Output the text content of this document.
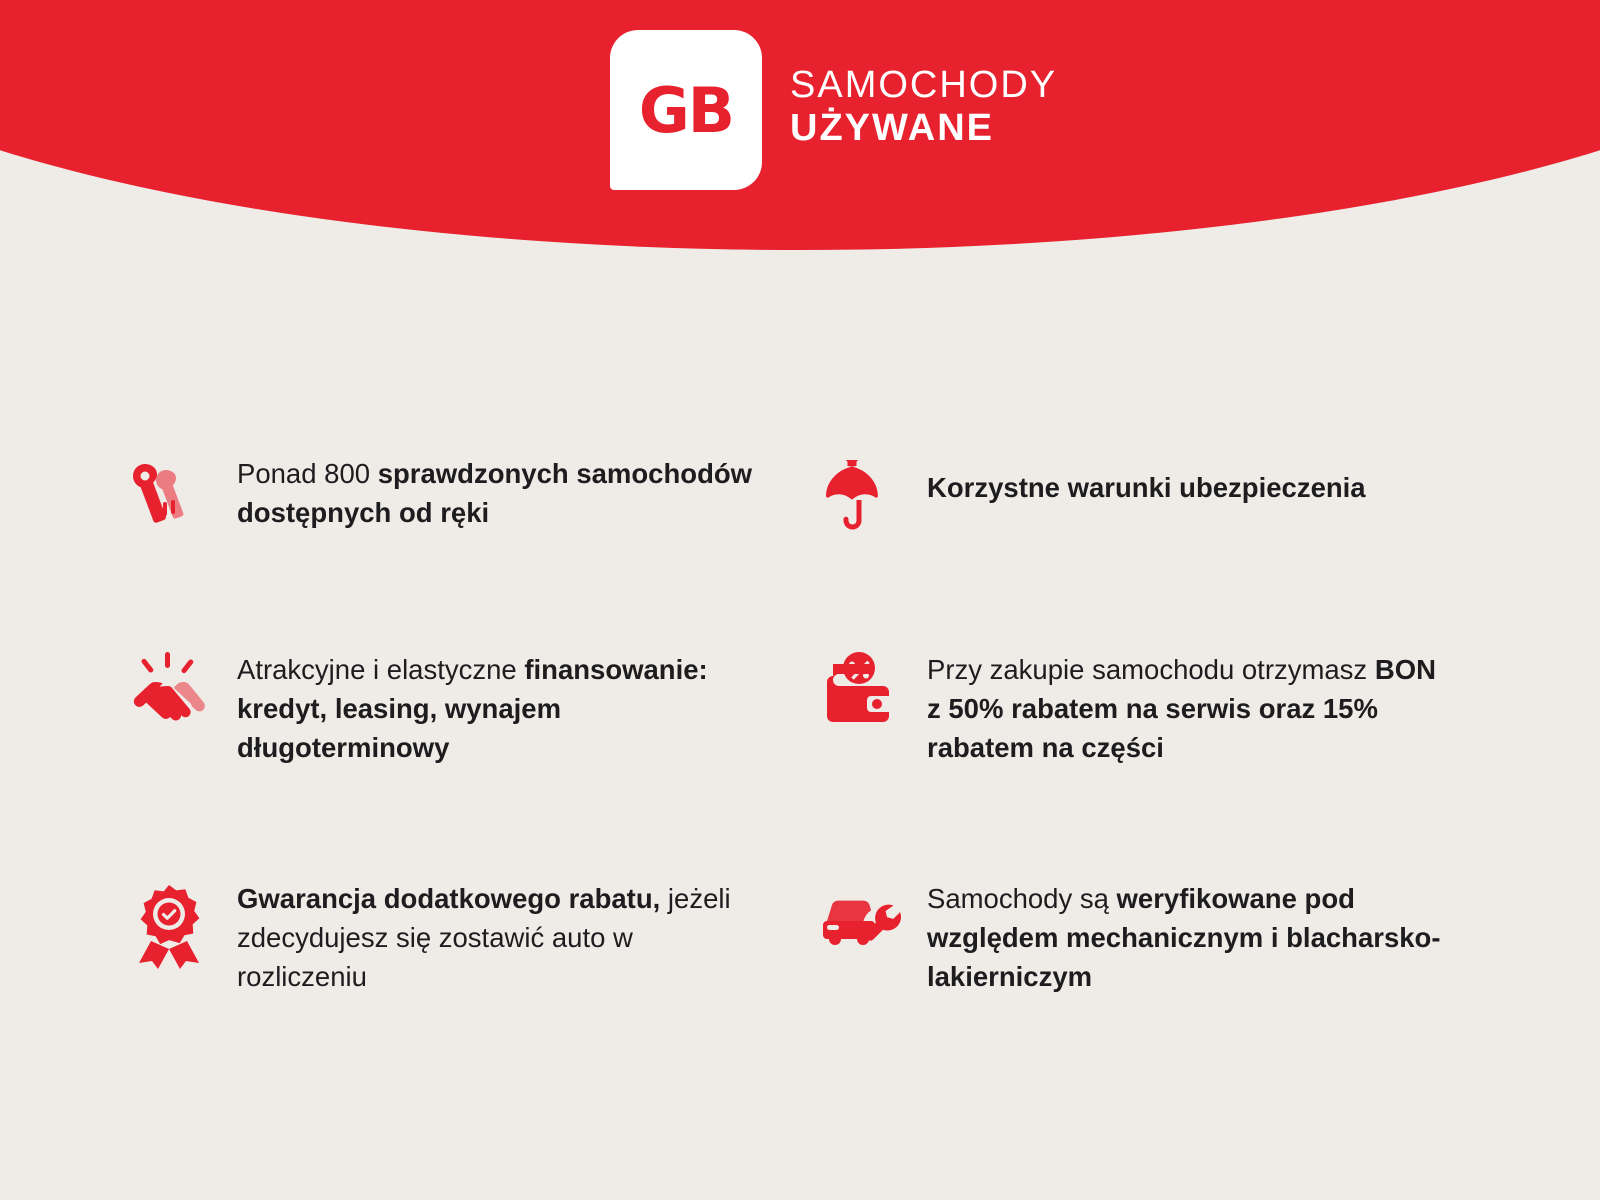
GB SAMOCHODY
UŻYWANE
Ponad 800 sprawdzonych samochodów dostępnych od ręki
Korzystne warunki ubezpieczenia
Atrakcyjne i elastyczne finansowanie: kredyt, leasing, wynajem długoterminowy
Przy zakupie samochodu otrzymasz BON z 50% rabatem na serwis oraz 15% rabatem na części
Gwarancja dodatkowego rabatu, jeżeli zdecydujesz się zostawić auto w rozliczeniu
Samochody są weryfikowane pod względem mechanicznym i blacharsko-lakierniczym
